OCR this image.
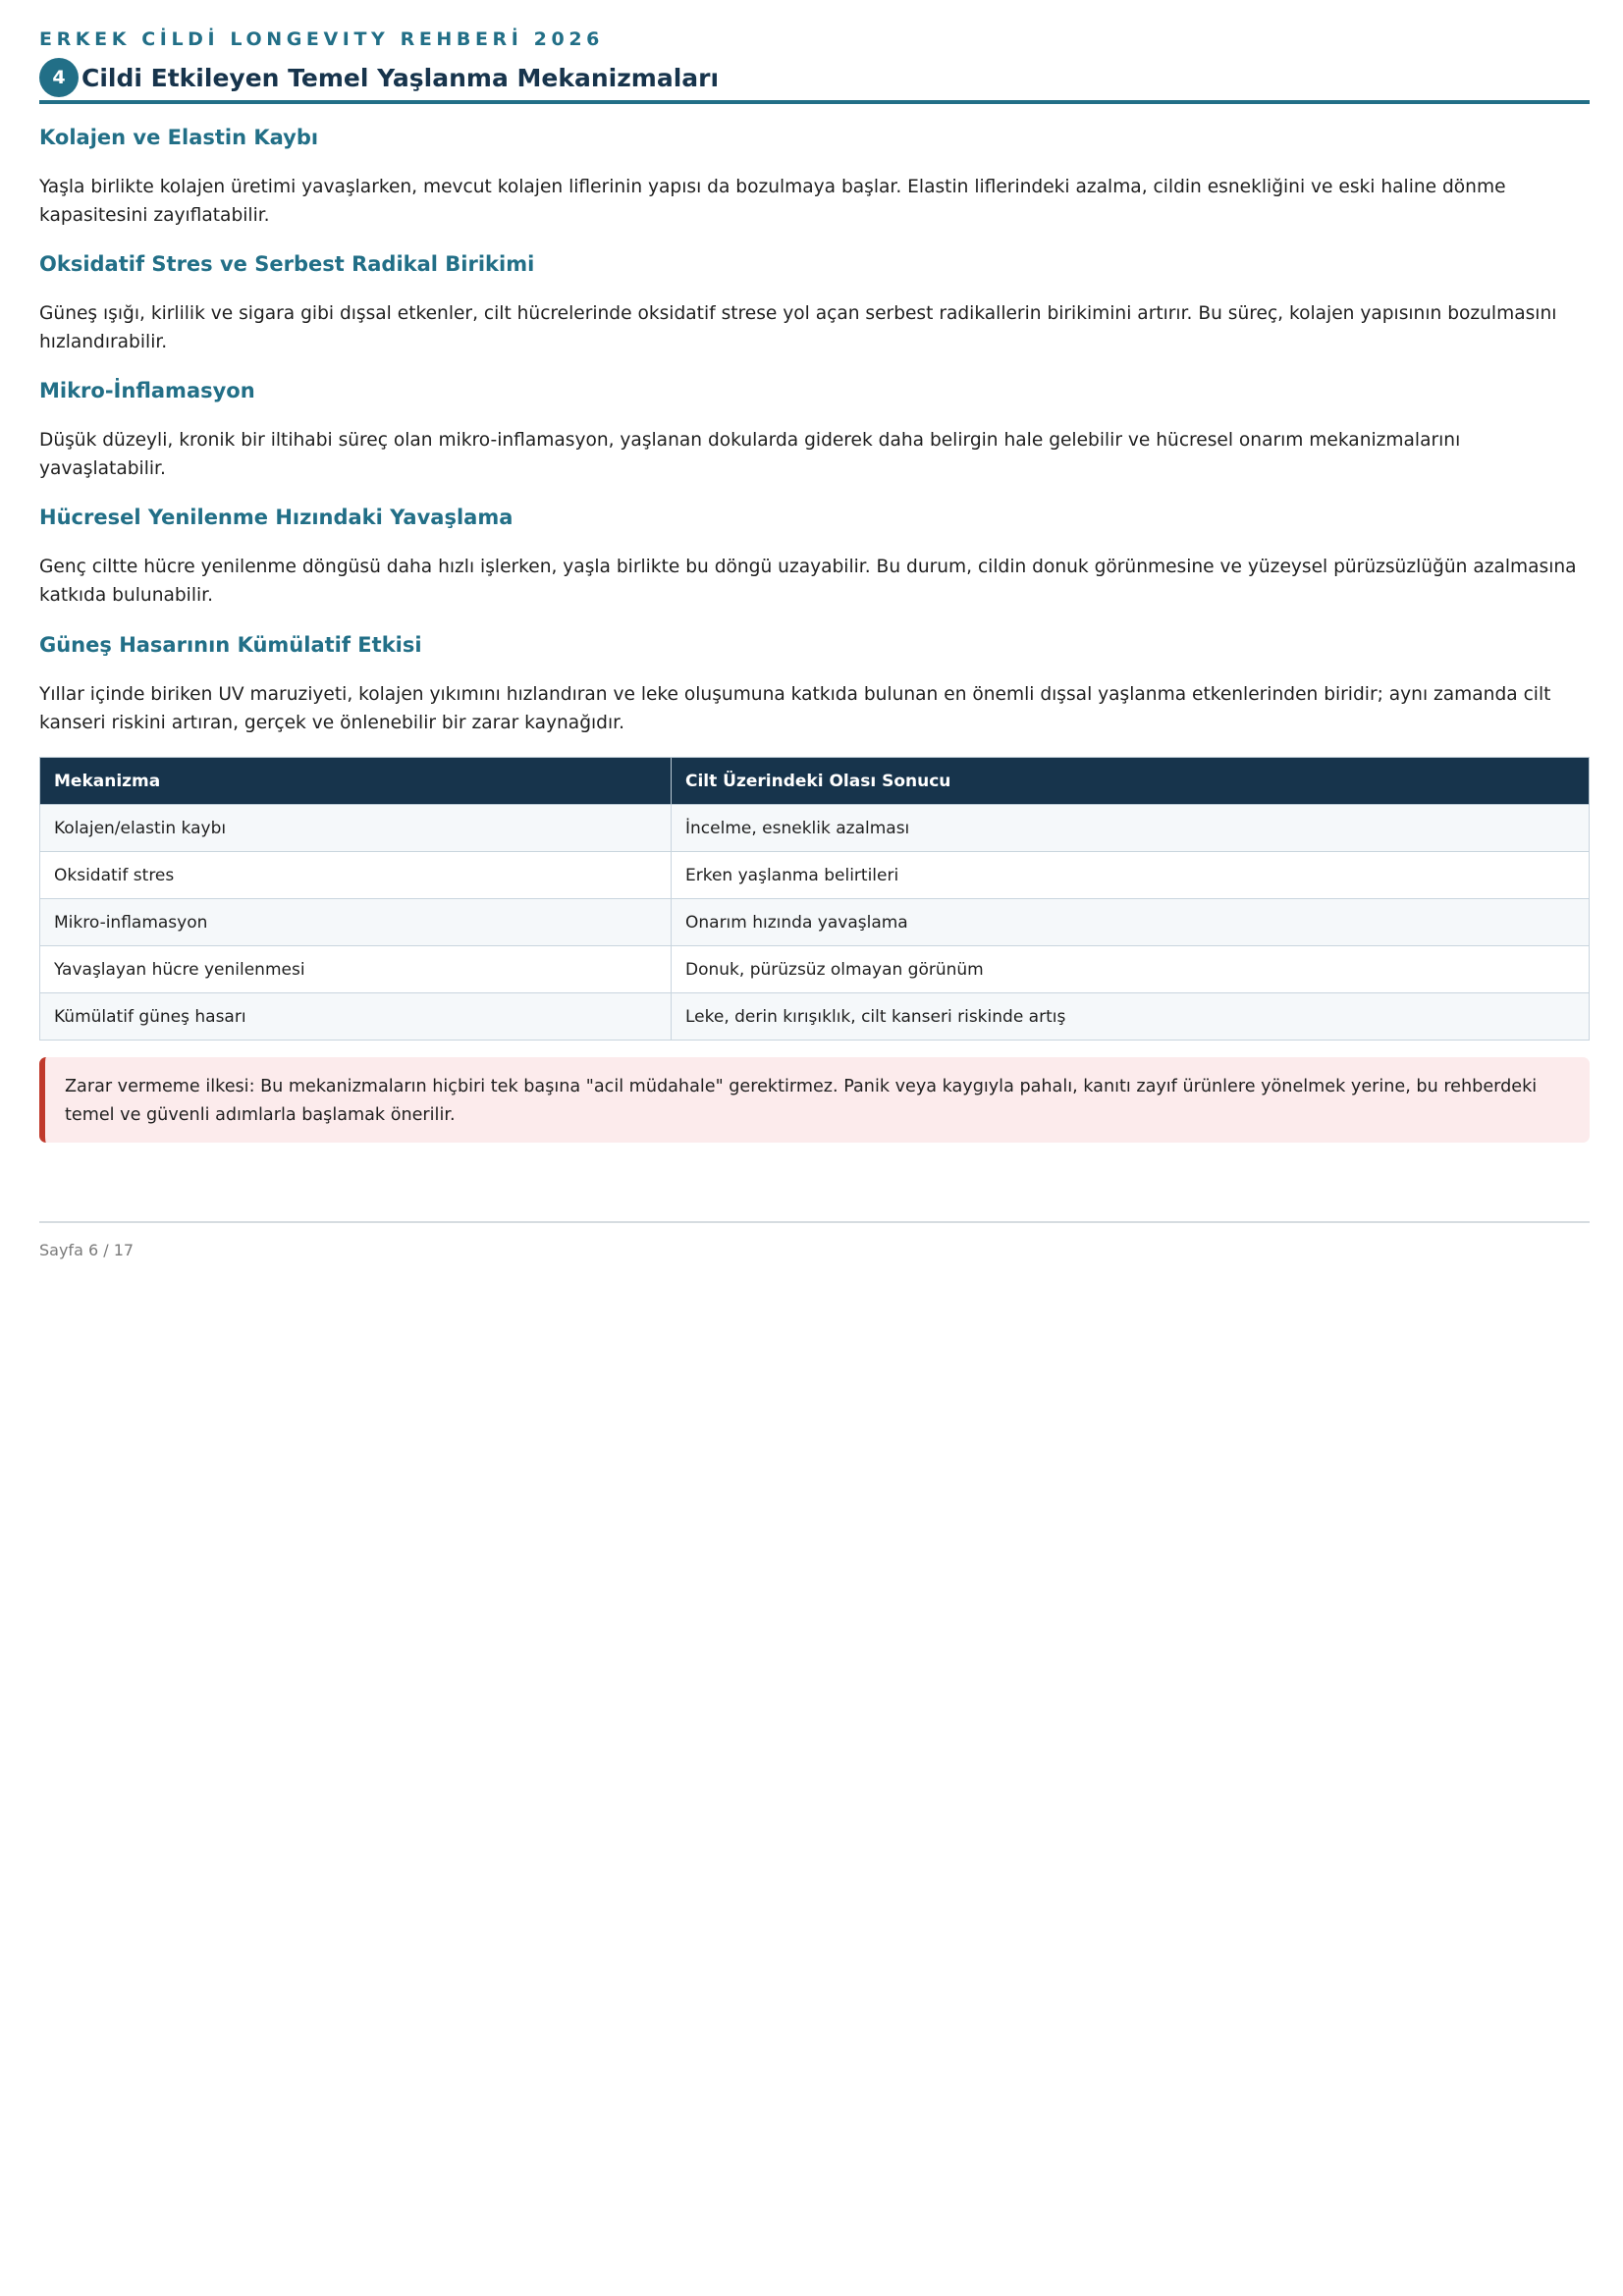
ERKEK CİLDİ LONGEVITY REHBERİ 2026
4 Cildi Etkileyen Temel Yaşlanma Mekanizmaları
Kolajen ve Elastin Kaybı
Yaşla birlikte kolajen üretimi yavaşlarken, mevcut kolajen liflerinin yapısı da bozulmaya başlar. Elastin liflerindeki azalma, cildin esnekliğini ve eski haline dönme kapasitesini zayıflatabilir.
Oksidatif Stres ve Serbest Radikal Birikimi
Güneş ışığı, kirlilik ve sigara gibi dışsal etkenler, cilt hücrelerinde oksidatif strese yol açan serbest radikallerin birikimini artırır. Bu süreç, kolajen yapısının bozulmasını hızlandırabilir.
Mikro-İnflamasyon
Düşük düzeyli, kronik bir iltihabi süreç olan mikro-inflamasyon, yaşlanan dokularda giderek daha belirgin hale gelebilir ve hücresel onarım mekanizmalarını yavaşlatabilir.
Hücresel Yenilenme Hızındaki Yavaşlama
Genç ciltte hücre yenilenme döngüsü daha hızlı işlerken, yaşla birlikte bu döngü uzayabilir. Bu durum, cildin donuk görünmesine ve yüzeysel pürüzsüzlüğün azalmasına katkıda bulunabilir.
Güneş Hasarının Kümülatif Etkisi
Yıllar içinde biriken UV maruziyeti, kolajen yıkımını hızlandıran ve leke oluşumuna katkıda bulunan en önemli dışsal yaşlanma etkenlerinden biridir; aynı zamanda cilt kanseri riskini artıran, gerçek ve önlenebilir bir zarar kaynağıdır.
Mekanizma	Cilt Üzerindeki Olası Sonucu
Kolajen/elastin kaybı	İncelme, esneklik azalması
Oksidatif stres	Erken yaşlanma belirtileri
Mikro-inflamasyon	Onarım hızında yavaşlama
Yavaşlayan hücre yenilenmesi	Donuk, pürüzsüz olmayan görünüm
Kümülatif güneş hasarı	Leke, derin kırışıklık, cilt kanseri riskinde artış
Zarar vermeme ilkesi: Bu mekanizmaların hiçbiri tek başına "acil müdahale" gerektirmez. Panik veya kaygıyla pahalı, kanıtı zayıf ürünlere yönelmek yerine, bu rehberdeki temel ve güvenli adımlarla başlamak önerilir.
Sayfa 6 / 17
